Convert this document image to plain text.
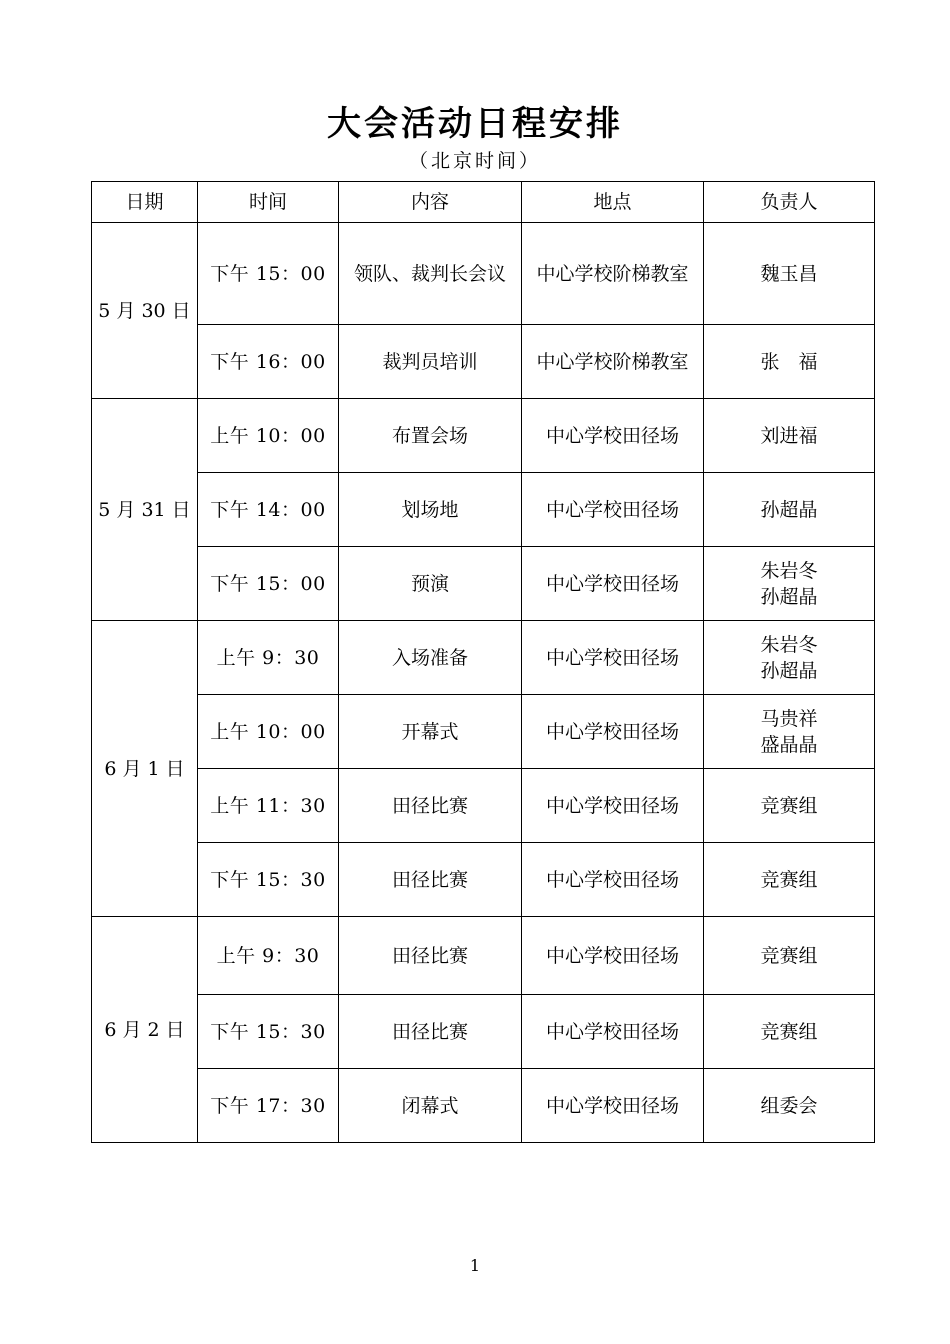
大会活动日程安排
（北京时间）
日期	时间	内容	地点	负责人
5 月 30 日	下午 15：00	领队、裁判长会议	中心学校阶梯教室	魏玉昌

	下午 16：00	裁判员培训	中心学校阶梯教室	张　福

5 月 31 日	上午 10：00	布置会场	中心学校田径场	刘进福

	下午 14：00	划场地	中心学校田径场	孙超晶

	下午 15：00	预演	中心学校田径场	朱岩冬
孙超晶

6 月 1 日	上午 9：30	入场准备	中心学校田径场	朱岩冬
孙超晶

	上午 10：00	开幕式	中心学校田径场	马贵祥
盛晶晶

	上午 11：30	田径比赛	中心学校田径场	竞赛组

	下午 15：30	田径比赛	中心学校田径场	竞赛组

6 月 2 日	上午 9：30	田径比赛	中心学校田径场	竞赛组

	下午 15：30	田径比赛	中心学校田径场	竞赛组

	下午 17：30	闭幕式	中心学校田径场	组委会
1
